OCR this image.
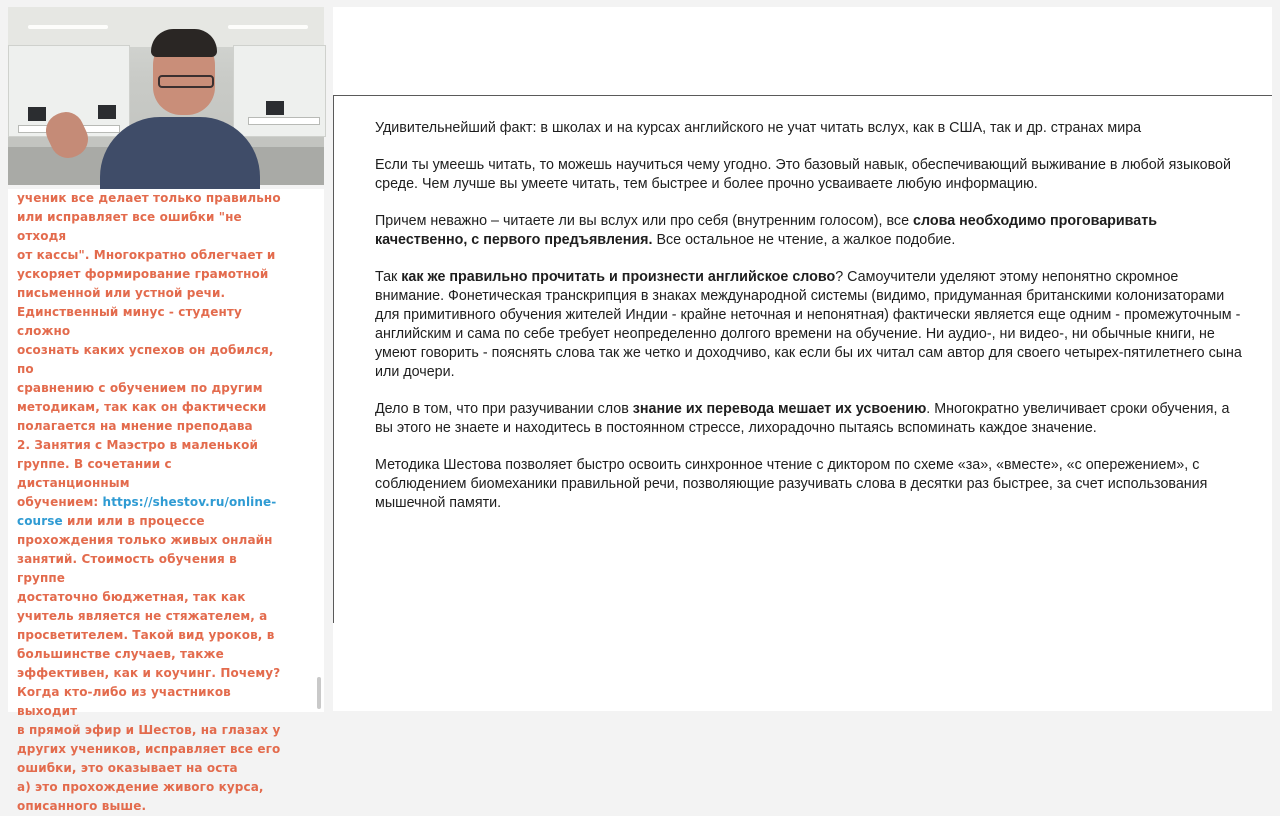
ученик все делает только правильно
или исправляет все ошибки "не отходя
от кассы". Многократно облегчает и
ускоряет формирование грамотной
письменной или устной речи.
Единственный минус - студенту сложно
осознать каких успехов он добился, по
сравнению с обучением по другим
методикам, так как он фактически
полагается на мнение преподава
2. Занятия с Маэстро в маленькой
группе. В сочетании с дистанционным
обучением: https://shestov.ru/online-
course или или в процессе
прохождения только живых онлайн
занятий. Стоимость обучения в группе
достаточно бюджетная, так как
учитель является не стяжателем, а
просветителем. Такой вид уроков, в
большинстве случаев, также
эффективен, как и коучинг. Почему?
Когда кто-либо из участников выходит
в прямой эфир и Шестов, на глазах у
других учеников, исправляет все его
ошибки, это оказывает на оста
а) это прохождение живого курса,
описанного выше.

Удивительнейший факт: в школах и на курсах английского не учат читать вслух, как в США, так и др. странах мира

Если ты умеешь читать, то можешь научиться чему угодно. Это базовый навык, обеспечивающий выживание в любой языковой среде. Чем лучше вы умеете читать, тем быстрее и более прочно усваиваете любую информацию.

Причем неважно – читаете ли вы вслух или про себя (внутренним голосом), все слова необходимо проговаривать качественно, с первого предъявления. Все остальное не чтение, а жалкое подобие.

Так как же правильно прочитать и произнести английское слово? Самоучители уделяют этому непонятно скромное внимание. Фонетическая транскрипция в знаках международной системы (видимо, придуманная британскими колонизаторами для примитивного обучения жителей Индии - крайне неточная и непонятная) фактически является еще одним - промежуточным - английским и сама по себе требует неопределенно долгого времени на обучение. Ни аудио-, ни видео-, ни обычные книги, не умеют говорить - пояснять слова так же четко и доходчиво, как если бы их читал сам автор для своего четырех-пятилетнего сына или дочери.

Дело в том, что при разучивании слов знание их перевода мешает их усвоению. Многократно увеличивает сроки обучения, а вы этого не знаете и находитесь в постоянном стрессе, лихорадочно пытаясь вспоминать каждое значение.

Методика Шестова позволяет быстро освоить синхронное чтение с диктором по схеме «за», «вместе», «с опережением», с соблюдением биомеханики правильной речи, позволяющие разучивать слова в десятки раз быстрее, за счет использования мышечной памяти.
